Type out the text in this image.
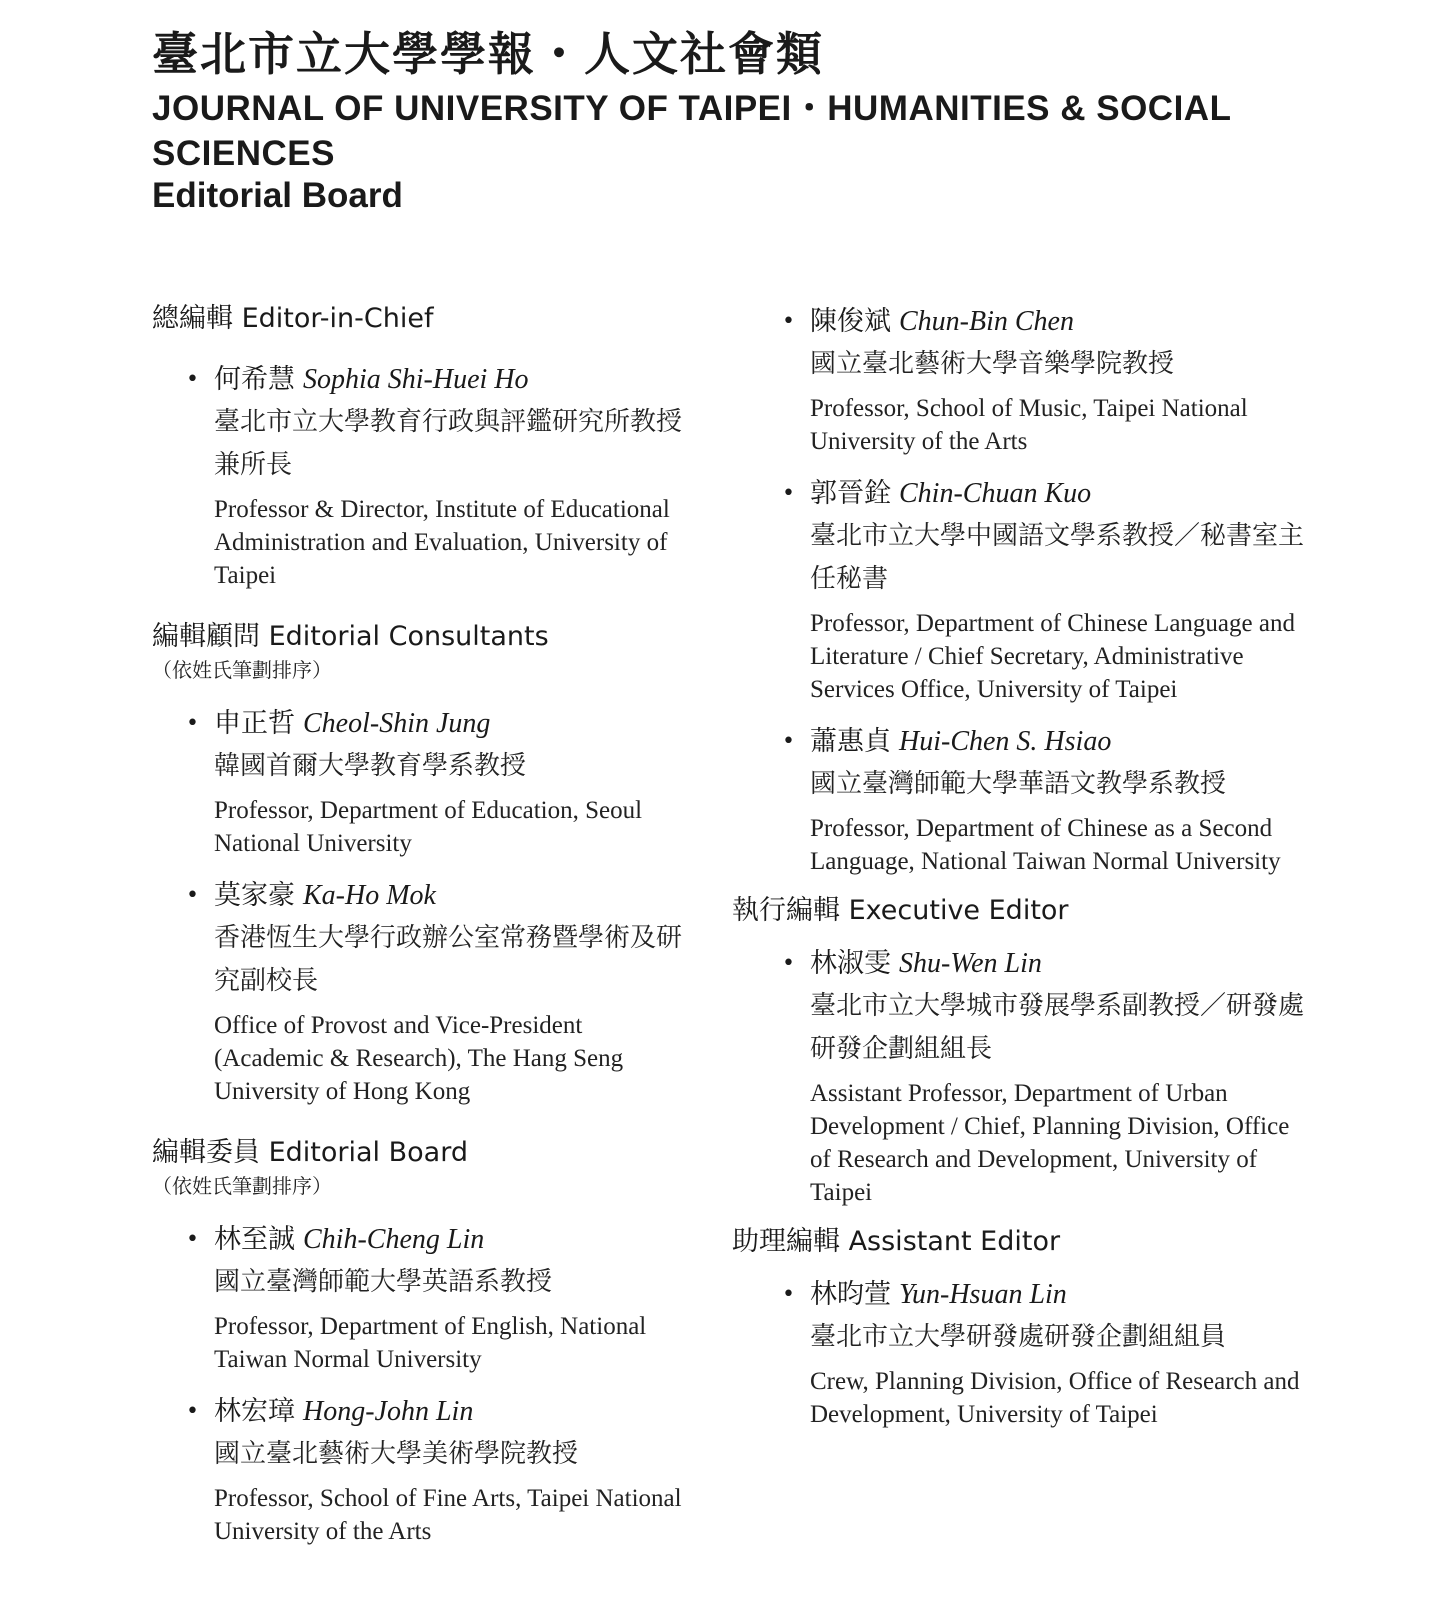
臺北市立大學學報・人文社會類
JOURNAL OF UNIVERSITY OF TAIPEI・HUMANITIES & SOCIAL SCIENCES
Editorial Board
總編輯 Editor-in-Chief
• 何希慧 Sophia Shi-Huei Ho
臺北市立大學教育行政與評鑑研究所教授兼所長
Professor & Director, Institute of Educational Administration and Evaluation, University of Taipei
編輯顧問 Editorial Consultants
（依姓氏筆劃排序）
• 申正哲 Cheol-Shin Jung
韓國首爾大學教育學系教授
Professor, Department of Education, Seoul National University
• 莫家豪 Ka-Ho Mok
香港恆生大學行政辦公室常務暨學術及研究副校長
Office of Provost and Vice-President (Academic & Research), The Hang Seng University of Hong Kong
編輯委員 Editorial Board
（依姓氏筆劃排序）
• 林至誠 Chih-Cheng Lin
國立臺灣師範大學英語系教授
Professor, Department of English, National Taiwan Normal University
• 林宏璋 Hong-John Lin
國立臺北藝術大學美術學院教授
Professor, School of Fine Arts, Taipei National University of the Arts
• 陳俊斌 Chun-Bin Chen
國立臺北藝術大學音樂學院教授
Professor, School of Music, Taipei National University of the Arts
• 郭晉銓 Chin-Chuan Kuo
臺北市立大學中國語文學系教授／秘書室主任秘書
Professor, Department of Chinese Language and Literature / Chief Secretary, Administrative Services Office, University of Taipei
• 蕭惠貞 Hui-Chen S. Hsiao
國立臺灣師範大學華語文教學系教授
Professor, Department of Chinese as a Second Language, National Taiwan Normal University
執行編輯 Executive Editor
• 林淑雯 Shu-Wen Lin
臺北市立大學城市發展學系副教授／研發處研發企劃組組長
Assistant Professor, Department of Urban Development / Chief, Planning Division, Office of Research and Development, University of Taipei
助理編輯 Assistant Editor
• 林昀萱 Yun-Hsuan Lin
臺北市立大學研發處研發企劃組組員
Crew, Planning Division, Office of Research and Development, University of Taipei
